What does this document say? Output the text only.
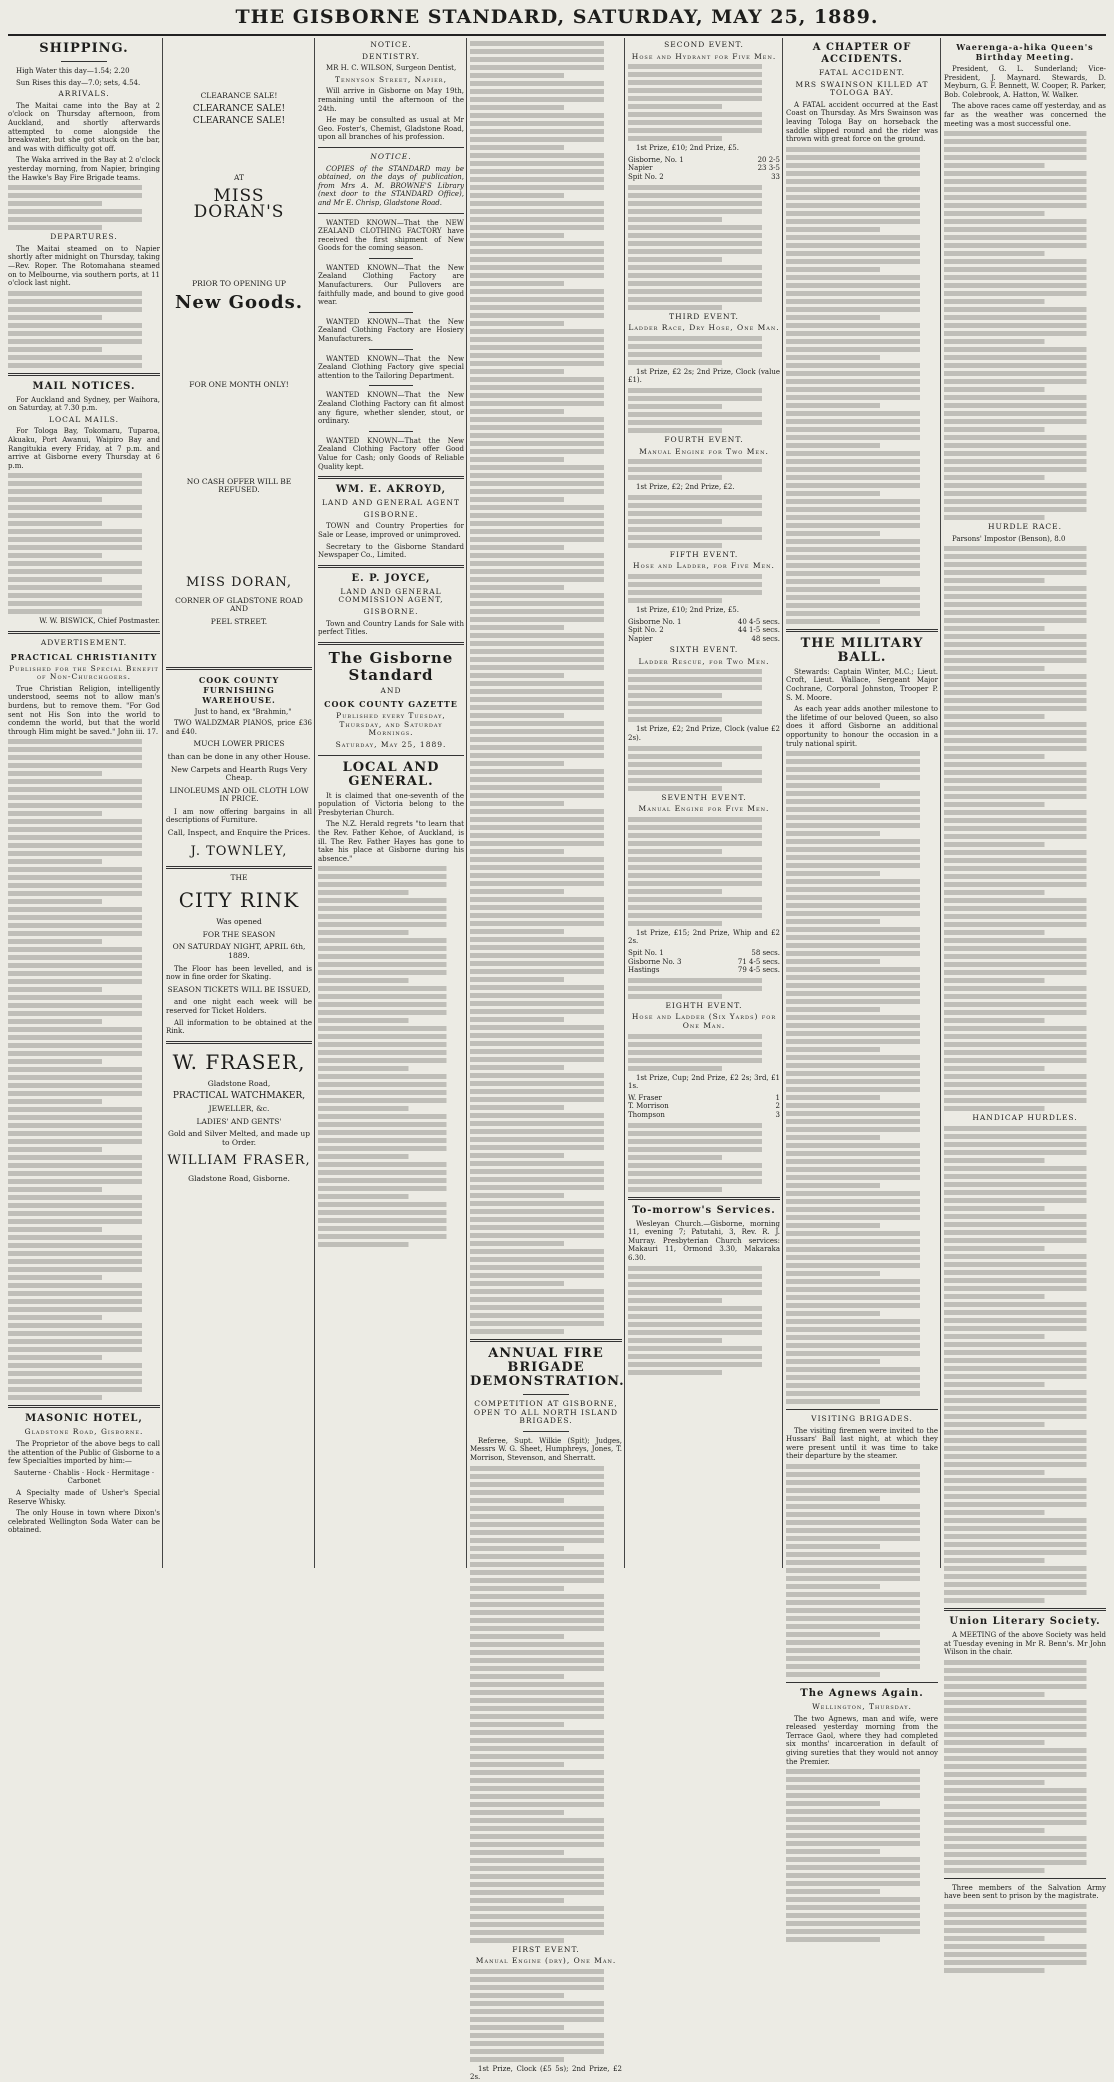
THE GISBORNE STANDARD, SATURDAY, MAY 25, 1889.
SHIPPING.

High Water this day—1.54; 2.20

Sun Rises this day—7.0; sets, 4.54.

ARRIVALS.

The Maitai came into the Bay at 2 o'clock on Thursday afternoon, from Auckland, and shortly afterwards attempted to come alongside the breakwater, but she got stuck on the bar, and was with difficulty got off.

The Waka arrived in the Bay at 2 o'clock yesterday morning, from Napier, bringing the Hawke's Bay Fire Brigade teams.

DEPARTURES.

The Maitai steamed on to Napier shortly after midnight on Thursday, taking—Rev. Roper. The Rotomahana steamed on to Melbourne, via southern ports, at 11 o'clock last night.

MAIL NOTICES.

For Auckland and Sydney, per Waihora, on Saturday, at 7.30 p.m.

LOCAL MAILS.

For Tologa Bay, Tokomaru, Tuparoa, Akuaku, Port Awanui, Waipiro Bay and Rangitukia every Friday, at 7 p.m. and arrive at Gisborne every Thursday at 6 p.m.

W. W. BISWICK, Chief Postmaster.

ADVERTISEMENT.
PRACTICAL CHRISTIANITY
Published for the Special Benefit of Non-Churchgoers.

True Christian Religion, intelligently understood, seems not to allow man's burdens, but to remove them. "For God sent not His Son into the world to condemn the world, but that the world through Him might be saved." John iii. 17.

MASONIC HOTEL,
Gladstone Road, Gisborne.

The Proprietor of the above begs to call the attention of the Public of Gisborne to a few Specialties imported by him:—

Sauterne · Chablis · Hock · Hermitage · Carbonet

A Specialty made of Usher's Special Reserve Whisky.

The only House in town where Dixon's celebrated Wellington Soda Water can be obtained.

CLEARANCE SALE!
CLEARANCE SALE!
CLEARANCE SALE!
AT
MISS DORAN'S
PRIOR TO OPENING UP
New Goods.
FOR ONE MONTH ONLY!
NO CASH OFFER WILL BE REFUSED.
MISS DORAN,
CORNER OF GLADSTONE ROAD AND
PEEL STREET.
COOK COUNTY FURNISHING WAREHOUSE.

Just to hand, ex "Brahmin,"

TWO WALDZMAR PIANOS, price £36 and £40.

MUCH LOWER PRICES
than can be done in any other House.
New Carpets and Hearth Rugs Very Cheap.
LINOLEUMS AND OIL CLOTH LOW IN PRICE.

I am now offering bargains in all descriptions of Furniture.

Call, Inspect, and Enquire the Prices.
J. TOWNLEY,
THE
CITY RINK
Was opened
FOR THE SEASON
ON SATURDAY NIGHT, APRIL 6th, 1889.

The Floor has been levelled, and is now in fine order for Skating.

SEASON TICKETS WILL BE ISSUED,

and one night each week will be reserved for Ticket Holders.

All information to be obtained at the Rink.

W. FRASER,
Gladstone Road,
PRACTICAL WATCHMAKER,
JEWELLER, &c.
LADIES' AND GENTS'
Gold and Silver Melted, and made up to Order.
WILLIAM FRASER,
Gladstone Road, Gisborne.
NOTICE.
DENTISTRY.

MR H. C. WILSON, Surgeon Dentist,

Tennyson Street, Napier,

Will arrive in Gisborne on May 19th, remaining until the afternoon of the 24th.

He may be consulted as usual at Mr Geo. Foster's, Chemist, Gladstone Road, upon all branches of his profession.

NOTICE.

COPIES of the STANDARD may be obtained, on the days of publication, from Mrs A. M. BROWNE'S Library (next door to the STANDARD Office), and Mr E. Chrisp, Gladstone Road.

WANTED KNOWN—That the NEW ZEALAND CLOTHING FACTORY have received the first shipment of New Goods for the coming season.

WANTED KNOWN—That the New Zealand Clothing Factory are Manufacturers. Our Pullovers are faithfully made, and bound to give good wear.

WANTED KNOWN—That the New Zealand Clothing Factory are Hosiery Manufacturers.

WANTED KNOWN—That the New Zealand Clothing Factory give special attention to the Tailoring Department.

WANTED KNOWN—That the New Zealand Clothing Factory can fit almost any figure, whether slender, stout, or ordinary.

WANTED KNOWN—That the New Zealand Clothing Factory offer Good Value for Cash; only Goods of Reliable Quality kept.

WM. E. AKROYD,
LAND AND GENERAL AGENT
GISBORNE.

TOWN and Country Properties for Sale or Lease, improved or unimproved.

Secretary to the Gisborne Standard Newspaper Co., Limited.

E. P. JOYCE,
LAND AND GENERAL COMMISSION AGENT,
GISBORNE.

Town and Country Lands for Sale with perfect Titles.

The Gisborne Standard
AND
COOK COUNTY GAZETTE
Published every Tuesday, Thursday, and Saturday Mornings.
Saturday, May 25, 1889.
LOCAL AND GENERAL.

It is claimed that one-seventh of the population of Victoria belong to the Presbyterian Church.

The N.Z. Herald regrets "to learn that the Rev. Father Kehoe, of Auckland, is ill. The Rev. Father Hayes has gone to take his place at Gisborne during his absence."

ANNUAL FIRE BRIGADE DEMONSTRATION.
COMPETITION AT GISBORNE, OPEN TO ALL NORTH ISLAND BRIGADES.

Referee, Supt. Wilkie (Spit); Judges, Messrs W. G. Sheet, Humphreys, Jones, T. Morrison, Stevenson, and Sherratt.

FIRST EVENT.
Manual Engine (dry), One Man.

1st Prize, Clock (£5 5s); 2nd Prize, £2 2s.

SECOND EVENT.
Hose and Hydrant for Five Men.

1st Prize, £10; 2nd Prize, £5.

Gisborne, No. 1	20 2-5
Napier	23 3-5
Spit No. 2	33
THIRD EVENT.
Ladder Race, Dry Hose, One Man.

1st Prize, £2 2s; 2nd Prize, Clock (value £1).

FOURTH EVENT.
Manual Engine for Two Men.

1st Prize, £2; 2nd Prize, £2.

FIFTH EVENT.
Hose and Ladder, for Five Men.

1st Prize, £10; 2nd Prize, £5.

Gisborne No. 1	40 4-5 secs.
Spit No. 2	44 1-5 secs.
Napier	48 secs.
SIXTH EVENT.
Ladder Rescue, for Two Men.

1st Prize, £2; 2nd Prize, Clock (value £2 2s).

SEVENTH EVENT.
Manual Engine for Five Men.

1st Prize, £15; 2nd Prize, Whip and £2 2s.

Spit No. 1	58 secs.
Gisborne No. 3	71 4-5 secs.
Hastings	79 4-5 secs.
EIGHTH EVENT.
Hose and Ladder (Six Yards) for One Man.

1st Prize, Cup; 2nd Prize, £2 2s; 3rd, £1 1s.

W. Fraser	1
T. Morrison	2
Thompson	3
To-morrow's Services.

Wesleyan Church.—Gisborne, morning 11, evening 7; Patutahi, 3, Rev. R. J. Murray. Presbyterian Church services: Makauri 11, Ormond 3.30, Makaraka 6.30.

A CHAPTER OF ACCIDENTS.
FATAL ACCIDENT.
MRS SWAINSON KILLED AT TOLOGA BAY.

A FATAL accident occurred at the East Coast on Thursday. As Mrs Swainson was leaving Tologa Bay on horseback the saddle slipped round and the rider was thrown with great force on the ground.

THE MILITARY BALL.

Stewards: Captain Winter, M.C.; Lieut. Croft, Lieut. Wallace, Sergeant Major Cochrane, Corporal Johnston, Trooper P. S. M. Moore.

As each year adds another milestone to the lifetime of our beloved Queen, so also does it afford Gisborne an additional opportunity to honour the occasion in a truly national spirit.

VISITING BRIGADES.

The visiting firemen were invited to the Hussars' Ball last night, at which they were present until it was time to take their departure by the steamer.

The Agnews Again.
Wellington, Thursday.

The two Agnews, man and wife, were released yesterday morning from the Terrace Gaol, where they had completed six months' incarceration in default of giving sureties that they would not annoy the Premier.

Waerenga-a-hika Queen's Birthday Meeting.

President, G. L. Sunderland; Vice-President, J. Maynard. Stewards, D. Meyburn, G. F. Bennett, W. Cooper, R. Parker, Bob. Colebrook, A. Hatton, W. Walker.

The above races came off yesterday, and as far as the weather was concerned the meeting was a most successful one.

HURDLE RACE.

Parsons' Impostor (Benson), 8.0

HANDICAP HURDLES.
Union Literary Society.

A MEETING of the above Society was held at Tuesday evening in Mr R. Benn's. Mr John Wilson in the chair.

Three members of the Salvation Army have been sent to prison by the magistrate.
